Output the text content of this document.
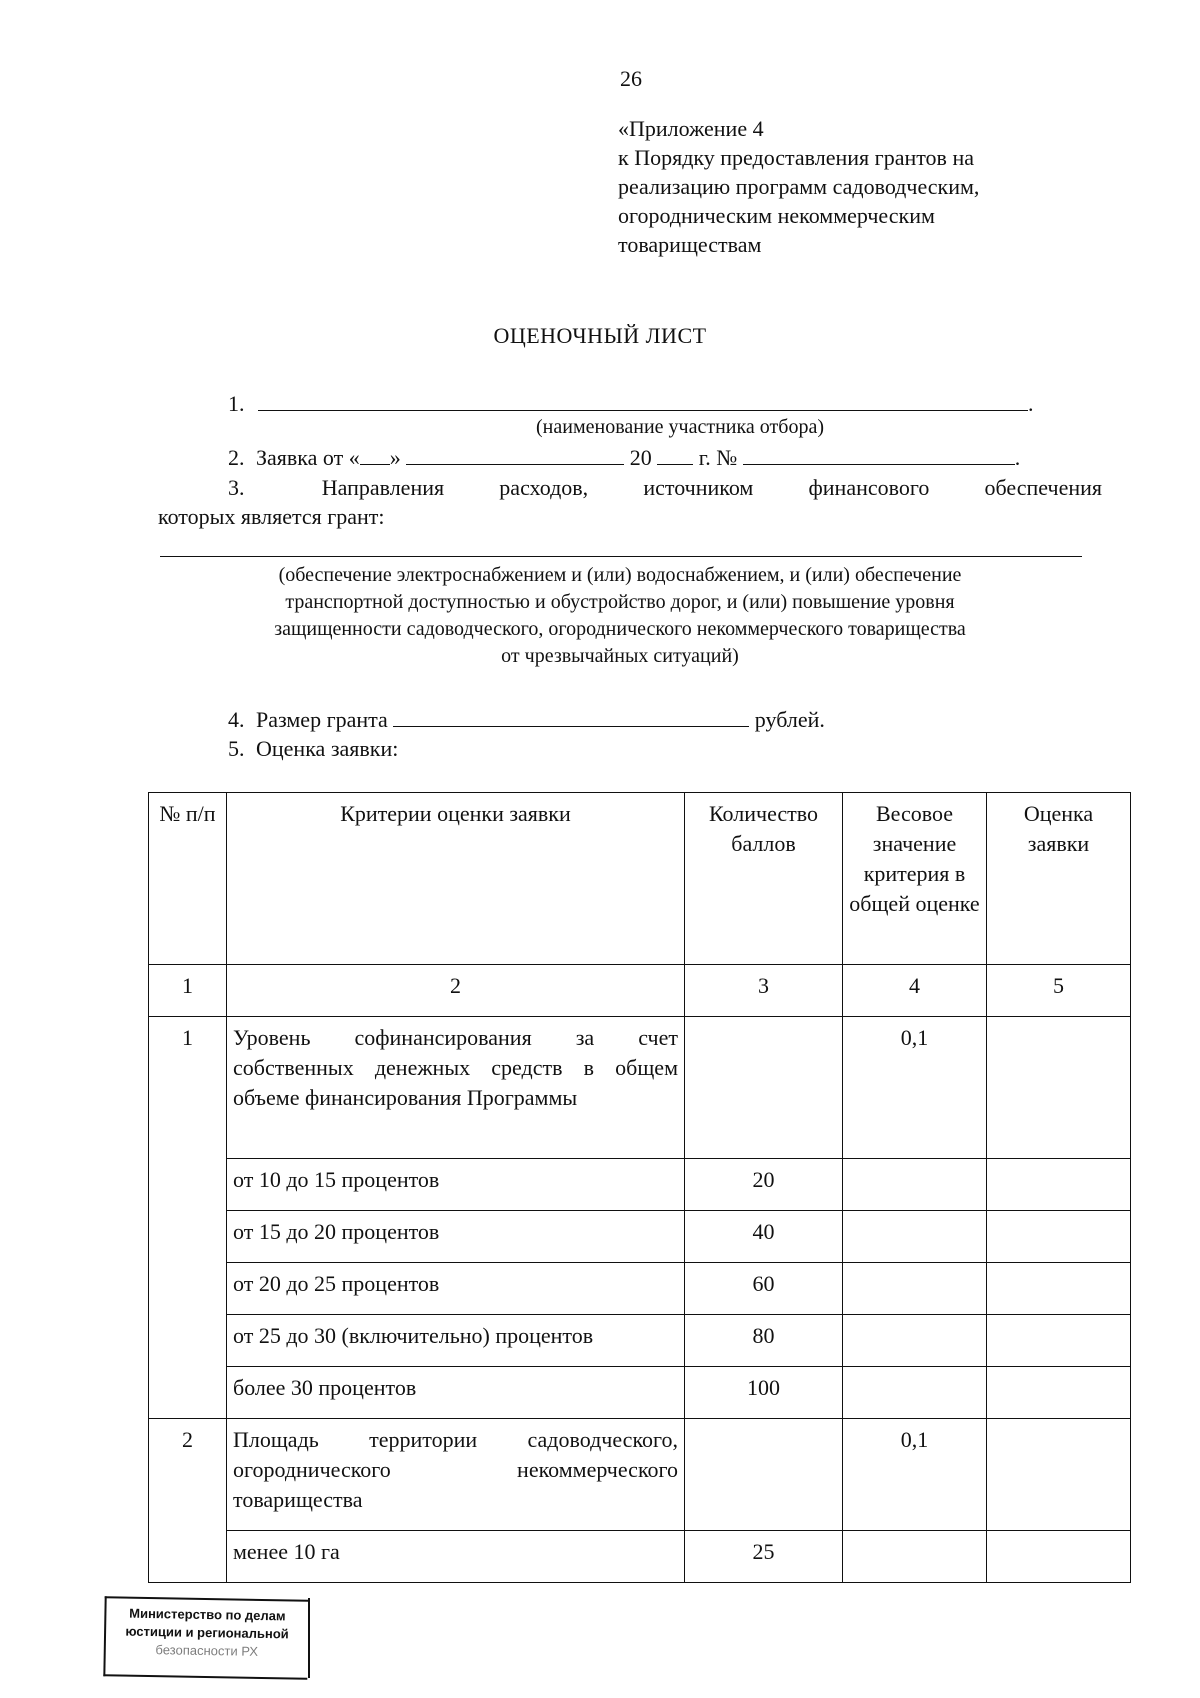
26
«Приложение 4
к Порядку предоставления грантов на
реализацию программ садоводческим,
огородническим некоммерческим
товариществам
ОЦЕНОЧНЫЙ ЛИСТ
1.	.
(наименование участника отбора)
2. Заявка от « »	20 г. №	.
3.	Направления расходов, источником финансового обеспечения
которых является грант:
(обеспечение электроснабжением и (или) водоснабжением, и (или) обеспечение
транспортной доступностью и обустройство дорог, и (или) повышение уровня
защищенности садоводческого, огороднического некоммерческого товарищества
от чрезвычайных ситуаций)
4. Размер гранта	рублей.
5. Оценка заявки:
№ п/п	Критерии оценки заявки	Количество баллов	Весовое значение критерия в общей оценке	Оценка заявки
1	2	3	4	5
1	Уровень софинансирования за счет собственных денежных средств в общем объеме финансирования Программы		0,1	
	от 10 до 15 процентов	20		
	от 15 до 20 процентов	40		
	от 20 до 25 процентов	60		
	от 25 до 30 (включительно) процентов	80		
	более 30 процентов	100		
2	Площадь территории садоводческого, огороднического некоммерческого товарищества		0,1	
	менее 10 га	25		
Министерство по делам
юстиции и региональной
безопасности РХ
